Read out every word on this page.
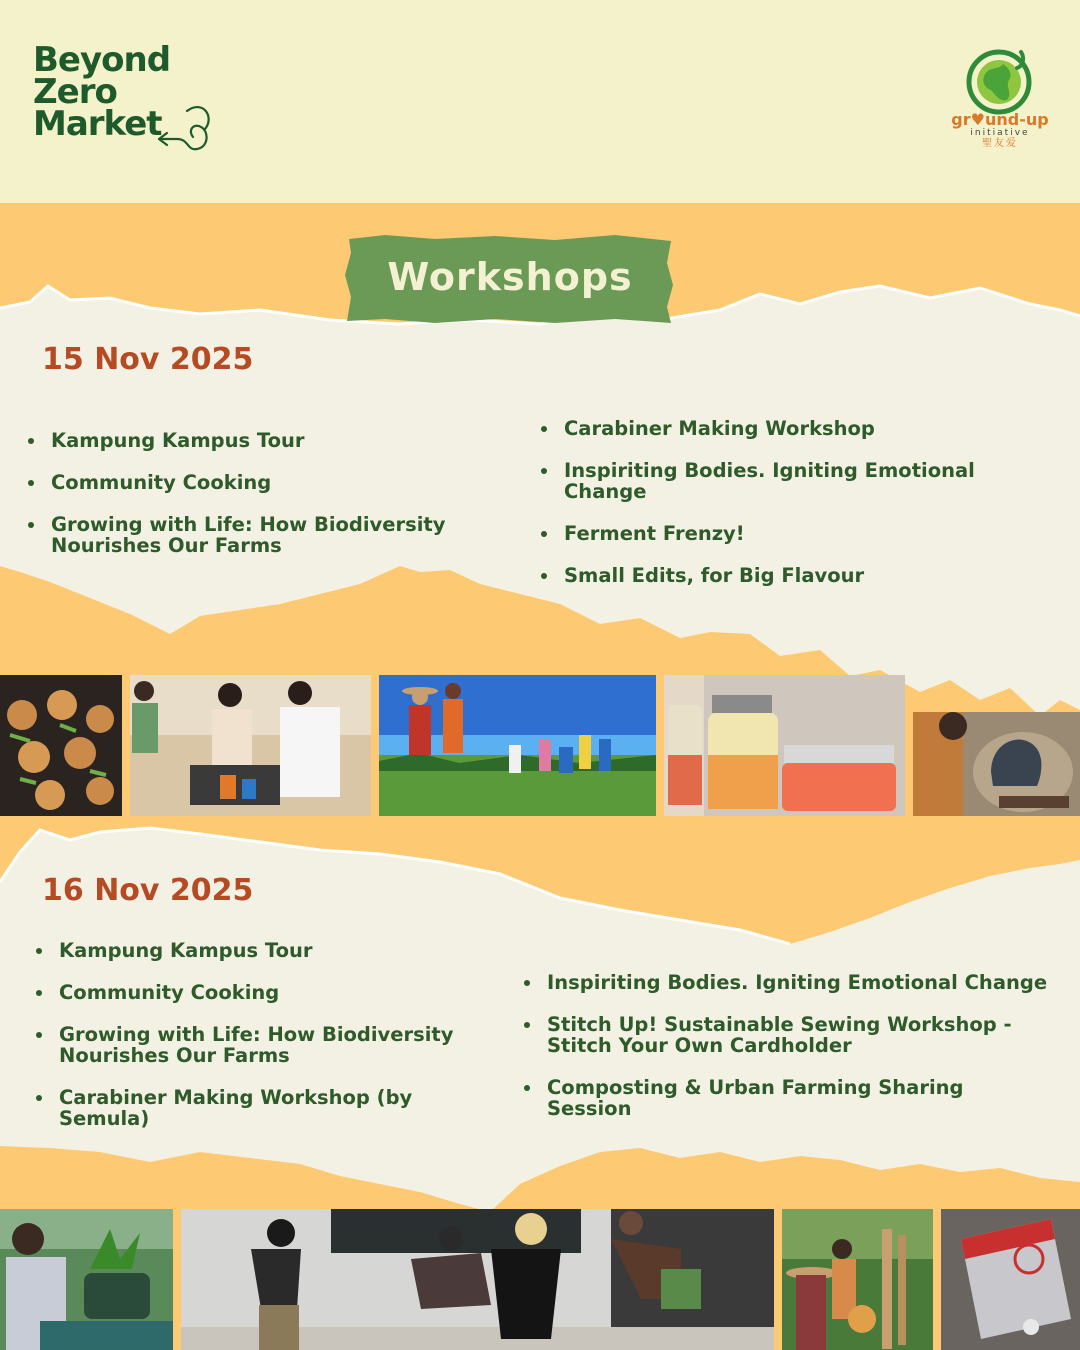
Beyond
Zero
Market	gr♥und-up
initiative
聖友爱
Workshops
15 Nov 2025
Kampung Kampus Tour
Community Cooking
Growing with Life: How Biodiversity Nourishes Our Farms
Carabiner Making Workshop
Inspiriting Bodies. Igniting Emotional Change
Ferment Frenzy!
Small Edits, for Big Flavour
16 Nov 2025
Kampung Kampus Tour
Community Cooking
Growing with Life: How Biodiversity Nourishes Our Farms
Carabiner Making Workshop (by Semula)
Inspiriting Bodies. Igniting Emotional Change
Stitch Up! Sustainable Sewing Workshop - Stitch Your Own Cardholder
Composting & Urban Farming Sharing Session
